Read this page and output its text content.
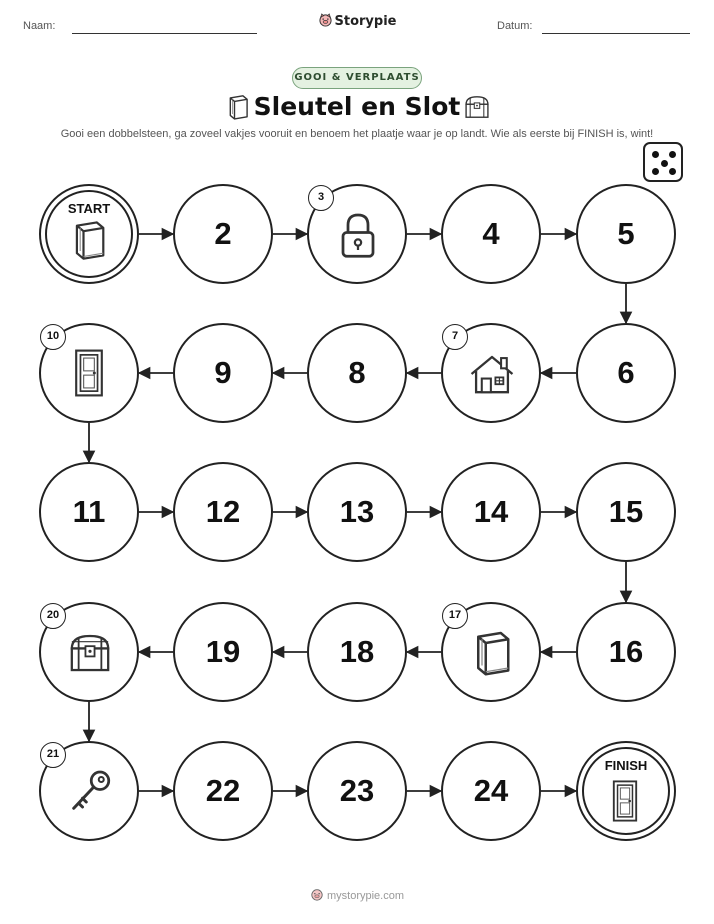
Naam:	Storypie	Datum:
GOOI & VERPLAATS
Sleutel en Slot
Gooi een dobbelsteen, ga zoveel vakjes vooruit en benoem het plaatje waar je op landt. Wie als eerste bij FINISH is, wint!
START
2
3
4	5
6
7
8
9
10
11	12	13	14	15
16
17
18
19
20
21
22	23	24
FINISH
mystorypie.com
